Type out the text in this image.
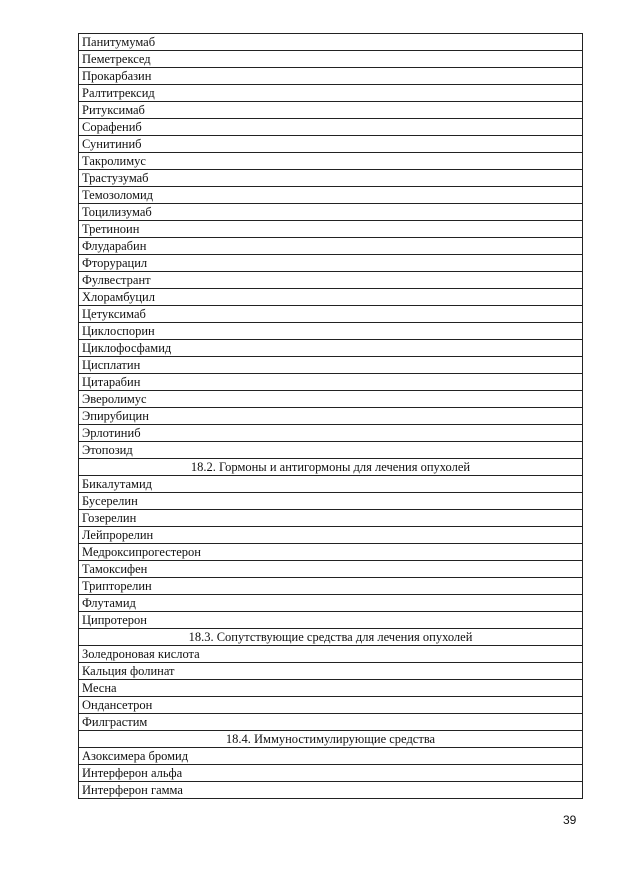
Панитумумаб
Пеметрексед
Прокарбазин
Ралтитрексид
Ритуксимаб
Сорафениб
Сунитиниб
Такролимус
Трастузумаб
Темозоломид
Тоцилизумаб
Третиноин
Флударабин
Фторурацил
Фулвестрант
Хлорамбуцил
Цетуксимаб
Циклоспорин
Циклофосфамид
Цисплатин
Цитарабин
Эверолимус
Эпирубицин
Эрлотиниб
Этопозид
18.2. Гормоны и антигормоны для лечения опухолей
Бикалутамид
Бусерелин
Гозерелин
Лейпрорелин
Медроксипрогестерон
Тамоксифен
Трипторелин
Флутамид
Ципротерон
18.3. Сопутствующие средства для лечения опухолей
Золедроновая кислота
Кальция фолинат
Месна
Ондансетрон
Филграстим
18.4. Иммуностимулирующие средства
Азоксимера бромид
Интерферон альфа
Интерферон гамма
39
